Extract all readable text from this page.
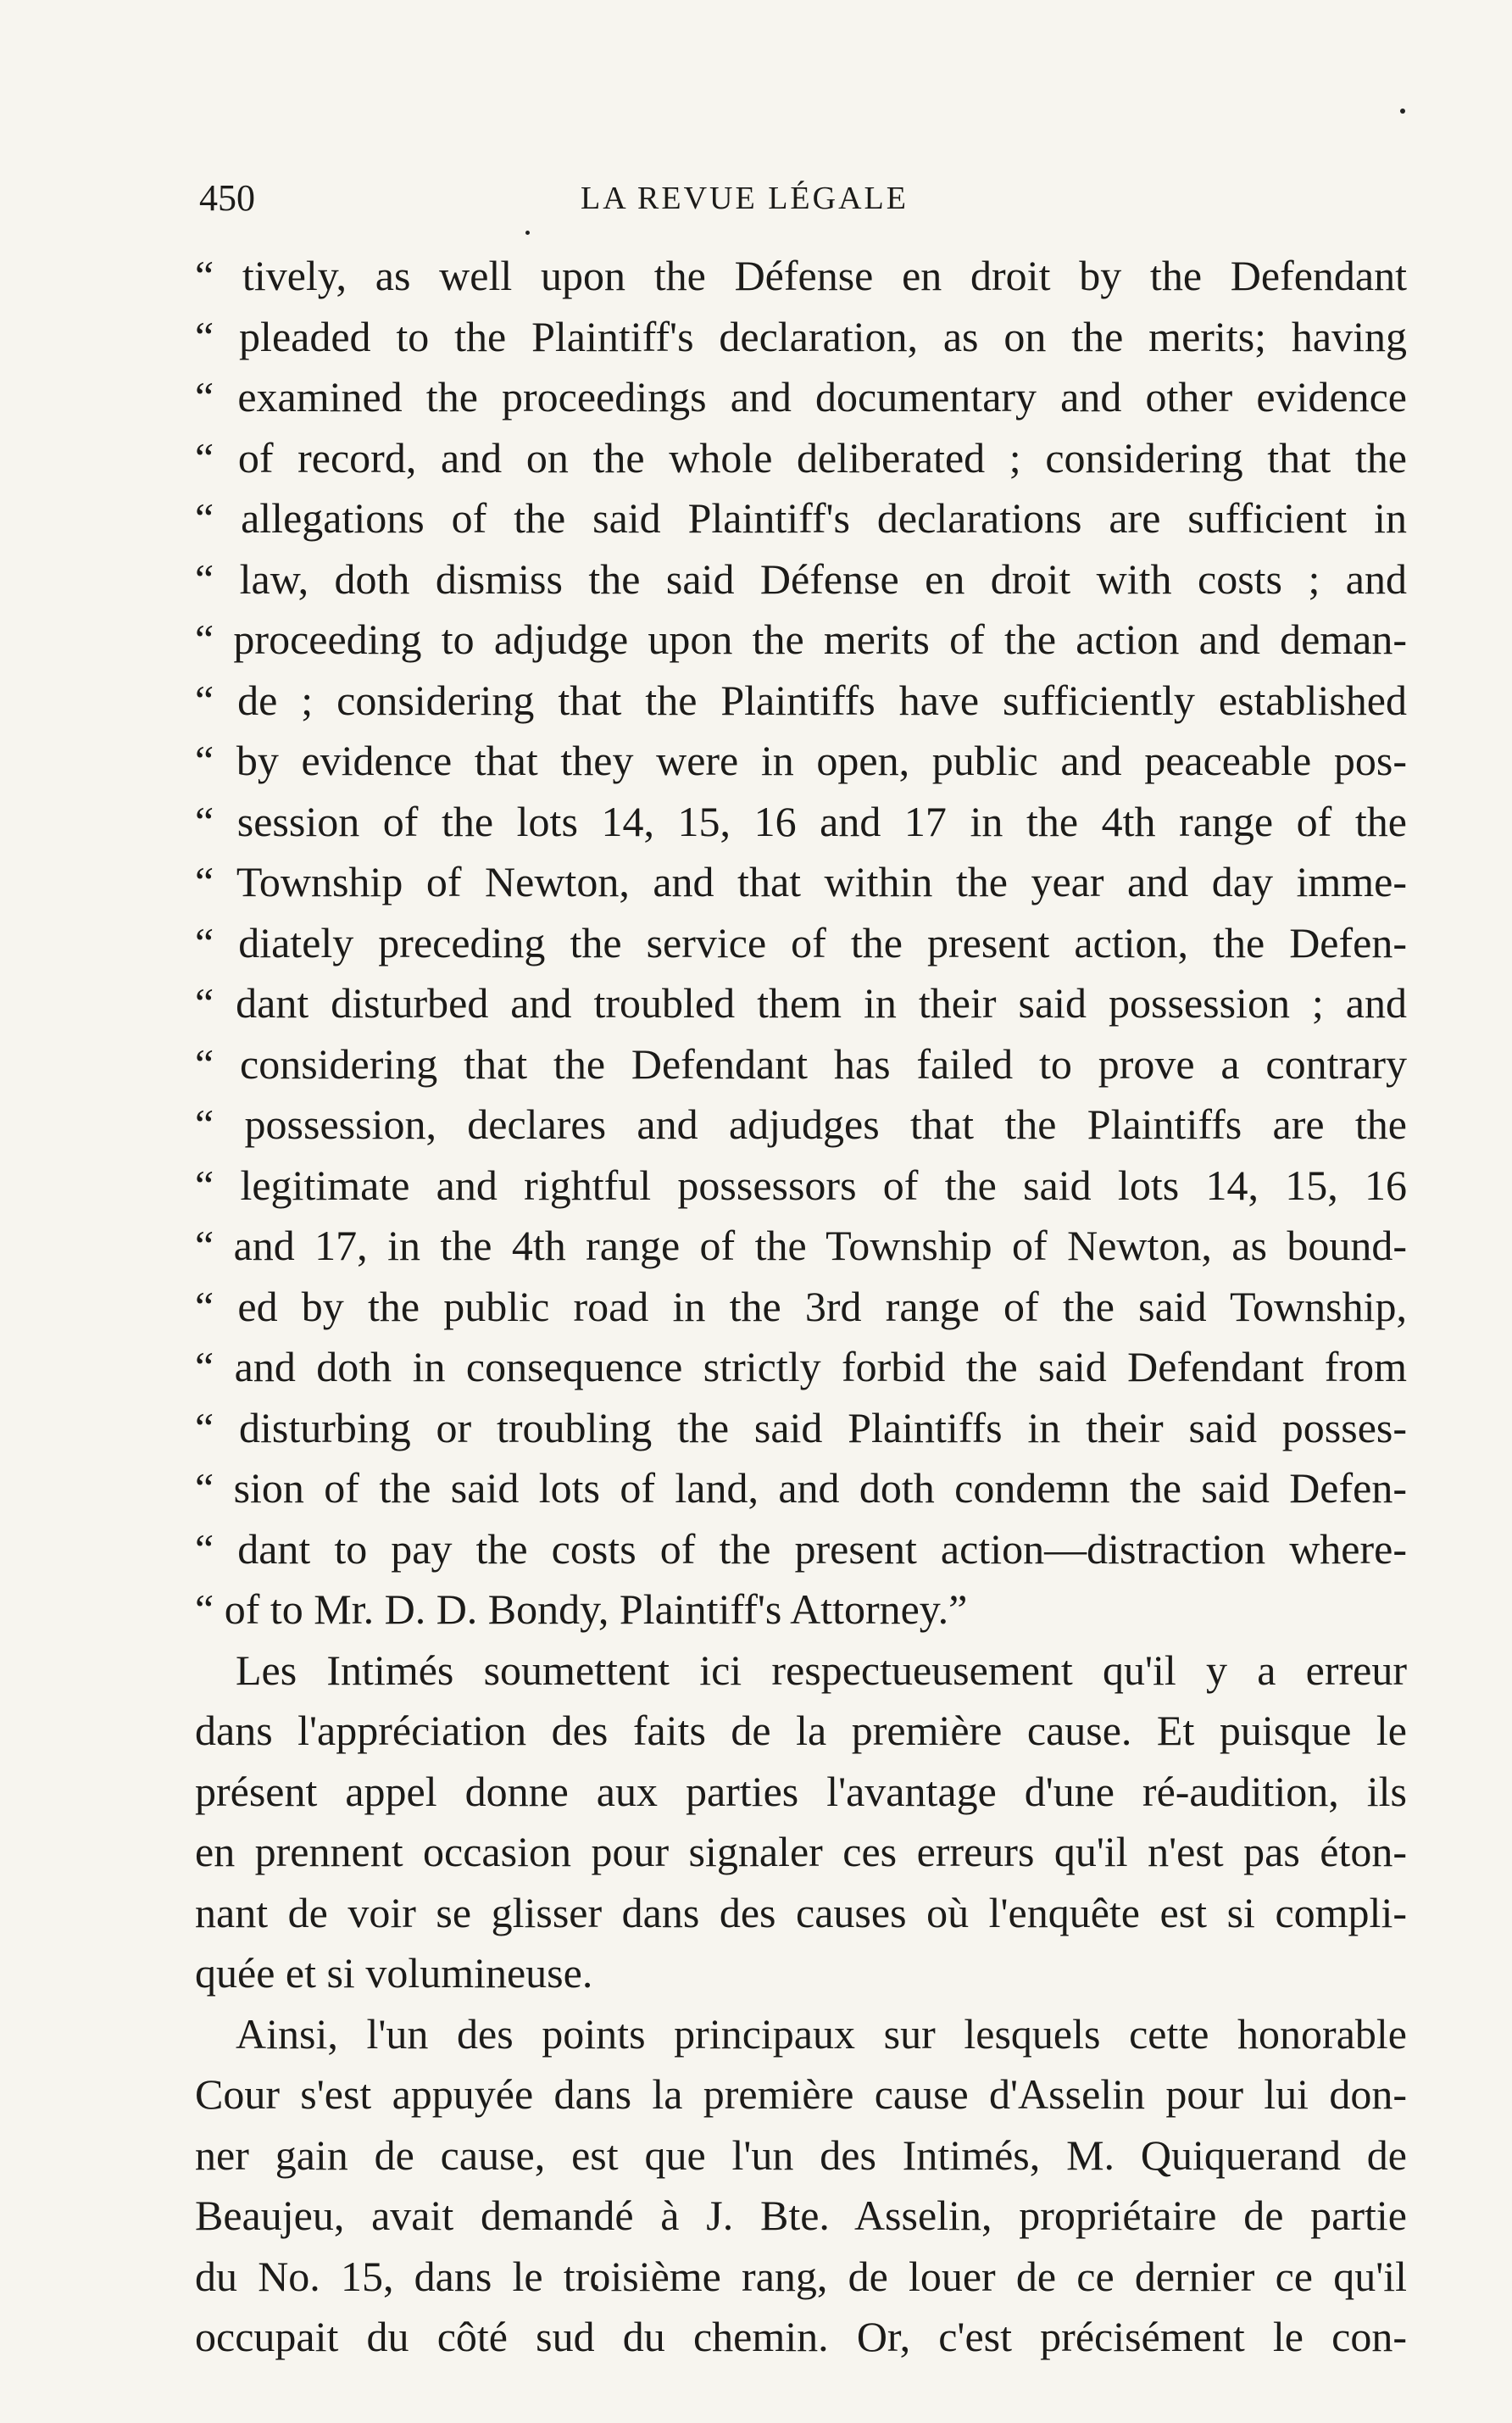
450	LA REVUE LÉGALE
“ tively, as well upon the Défense en droit by the Defendant
“ pleaded to the Plaintiff's declaration, as on the merits; having
“ examined the proceedings and documentary and other evidence
“ of record, and on the whole deliberated ; considering that the
“ allegations of the said Plaintiff's declarations are sufficient in
“ law, doth dismiss the said Défense en droit with costs ; and
“ proceeding to adjudge upon the merits of the action and deman-
“ de ; considering that the Plaintiffs have sufficiently established
“ by evidence that they were in open, public and peaceable pos-
“ session of the lots 14, 15, 16 and 17 in the 4th range of the
“ Township of Newton, and that within the year and day imme-
“ diately preceding the service of the present action, the Defen-
“ dant disturbed and troubled them in their said possession ; and
“ considering that the Defendant has failed to prove a contrary
“ possession, declares and adjudges that the Plaintiffs are the
“ legitimate and rightful possessors of the said lots 14, 15, 16
“ and 17, in the 4th range of the Township of Newton, as bound-
“ ed by the public road in the 3rd range of the said Township,
“ and doth in consequence strictly forbid the said Defendant from
“ disturbing or troubling the said Plaintiffs in their said posses-
“ sion of the said lots of land, and doth condemn the said Defen-
“ dant to pay the costs of the present action—distraction where-
“ of to Mr. D. D. Bondy, Plaintiff's Attorney.”
Les Intimés soumettent ici respectueusement qu'il y a erreur
dans l'appréciation des faits de la première cause. Et puisque le
présent appel donne aux parties l'avantage d'une ré-audition, ils
en prennent occasion pour signaler ces erreurs qu'il n'est pas éton-
nant de voir se glisser dans des causes où l'enquête est si compli-
quée et si volumineuse.
Ainsi, l'un des points principaux sur lesquels cette honorable
Cour s'est appuyée dans la première cause d'Asselin pour lui don-
ner gain de cause, est que l'un des Intimés, M. Quiquerand de
Beaujeu, avait demandé à J. Bte. Asselin, propriétaire de partie
du No. 15, dans le troisième rang, de louer de ce dernier ce qu'il
occupait du côté sud du chemin. Or, c'est précisément le con-
